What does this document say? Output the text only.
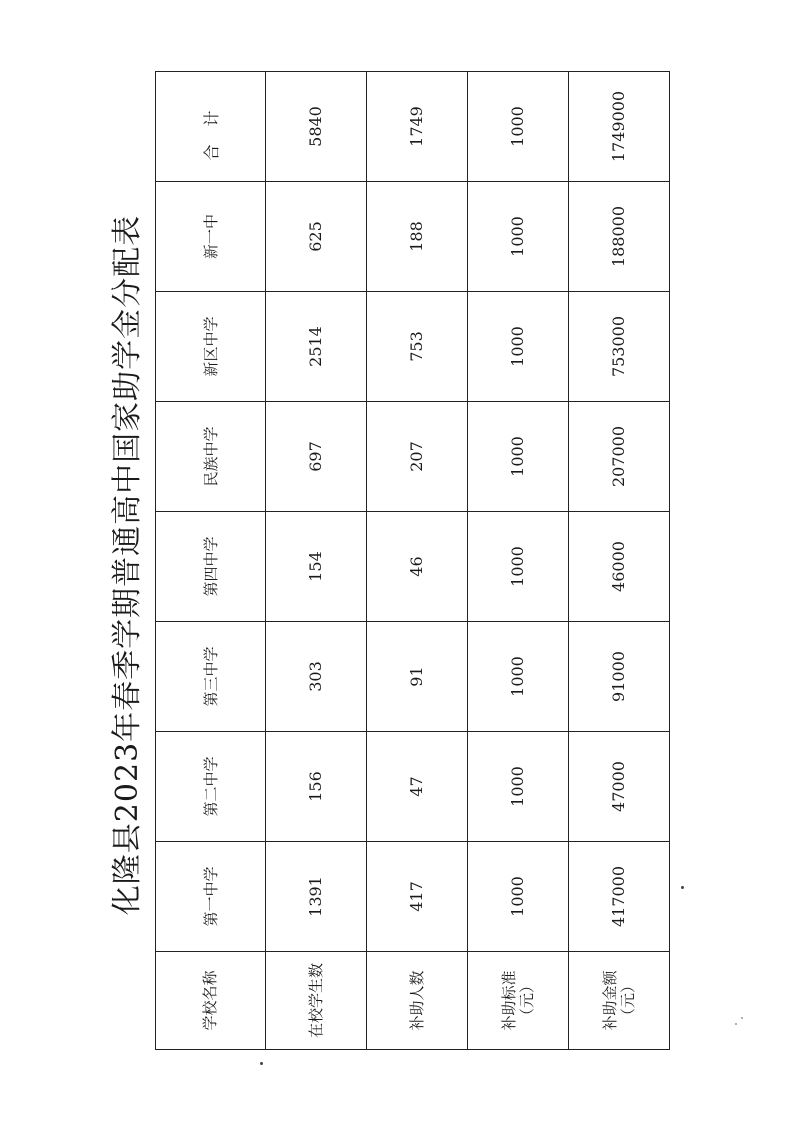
化隆县2023年春季学期普通高中国家助学金分配表
学校名称	第一中学	第二中学	第三中学	第四中学	民族中学	新区中学	新一中	合计
在校学生数	1391	156	303	154	697	2514	625	5840
补助人数	417	47	91	46	207	753	188	1749
补助标准（元）	1000	1000	1000	1000	1000	1000	1000	1000
补助金额（元）	417000	47000	91000	46000	207000	753000	188000	1749000
